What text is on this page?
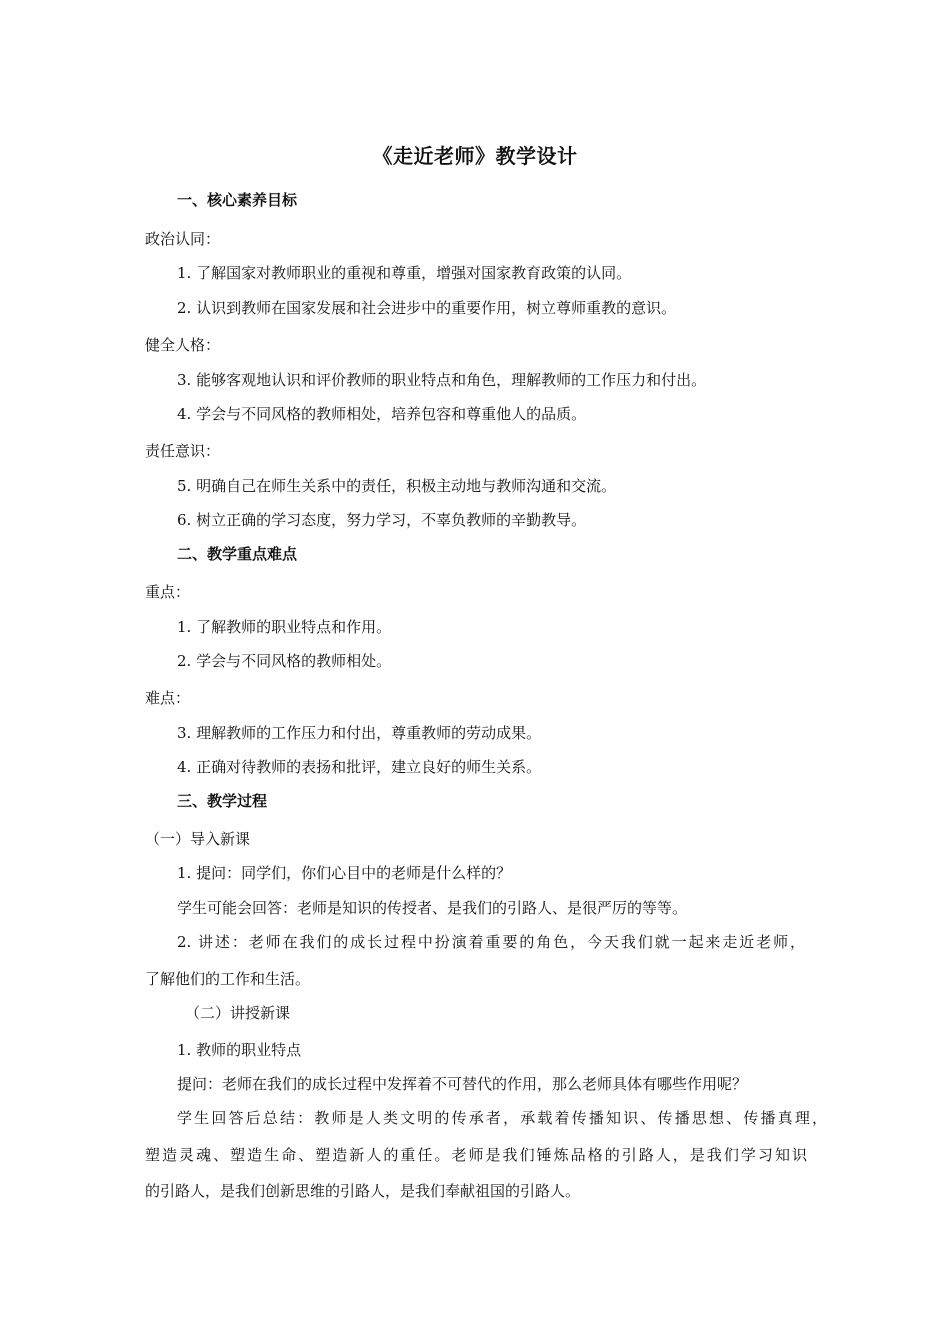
《走近老师》教学设计
一、核心素养目标
政治认同：
1. 了解国家对教师职业的重视和尊重，增强对国家教育政策的认同。
2. 认识到教师在国家发展和社会进步中的重要作用，树立尊师重教的意识。
健全人格：
3. 能够客观地认识和评价教师的职业特点和角色，理解教师的工作压力和付出。
4. 学会与不同风格的教师相处，培养包容和尊重他人的品质。
责任意识：
5. 明确自己在师生关系中的责任，积极主动地与教师沟通和交流。
6. 树立正确的学习态度，努力学习，不辜负教师的辛勤教导。
二、教学重点难点
重点：
1. 了解教师的职业特点和作用。
2. 学会与不同风格的教师相处。
难点：
3. 理解教师的工作压力和付出，尊重教师的劳动成果。
4. 正确对待教师的表扬和批评，建立良好的师生关系。
三、教学过程
（一）导入新课
1. 提问：同学们，你们心目中的老师是什么样的？
学生可能会回答：老师是知识的传授者、是我们的引路人、是很严厉的等等。
2. 讲述：老师在我们的成长过程中扮演着重要的角色，今天我们就一起来走近老师，
了解他们的工作和生活。
（二）讲授新课
1. 教师的职业特点
提问：老师在我们的成长过程中发挥着不可替代的作用，那么老师具体有哪些作用呢？
学生回答后总结：教师是人类文明的传承者，承载着传播知识、传播思想、传播真理，
塑造灵魂、塑造生命、塑造新人的重任。老师是我们锤炼品格的引路人，是我们学习知识
的引路人，是我们创新思维的引路人，是我们奉献祖国的引路人。
